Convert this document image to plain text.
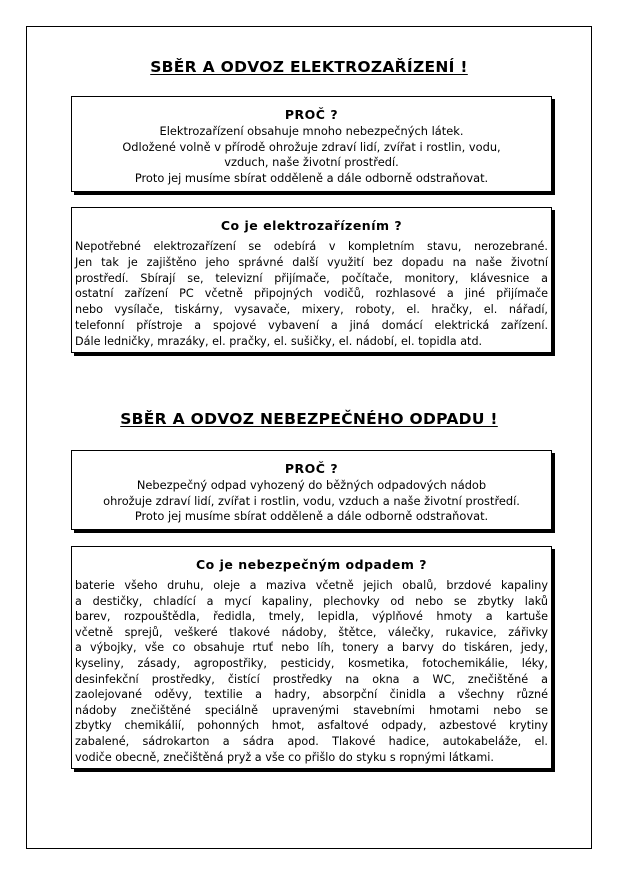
SBĚR A ODVOZ ELEKTROZAŘÍZENÍ !
PROČ ?

Elektrozařízení obsahuje mnoho nebezpečných látek.
Odložené volně v přírodě ohrožuje zdraví lidí, zvířat i rostlin, vodu,
vzduch, naše životní prostředí.
Proto jej musíme sbírat odděleně a dále odborně odstraňovat.

Co je elektrozařízením ?

Nepotřebné elektrozařízení se odebírá v kompletním stavu, nerozebrané.
Jen tak je zajištěno jeho správné další využití bez dopadu na naše životní
prostředí. Sbírají se, televizní přijímače, počítače, monitory, klávesnice a
ostatní zařízení PC včetně připojných vodičů, rozhlasové a jiné přijímače
nebo vysílače, tiskárny, vysavače, mixery, roboty, el. hračky, el. nářadí,
telefonní přístroje a spojové vybavení a jiná domácí elektrická zařízení.
Dále ledničky, mrazáky, el. pračky, el. sušičky, el. nádobí, el. topidla atd.

SBĚR A ODVOZ NEBEZPEČNÉHO ODPADU !
PROČ ?

Nebezpečný odpad vyhozený do běžných odpadových nádob
ohrožuje zdraví lidí, zvířat i rostlin, vodu, vzduch a naše životní prostředí.
Proto jej musíme sbírat odděleně a dále odborně odstraňovat.

Co je nebezpečným odpadem ?

baterie všeho druhu, oleje a maziva včetně jejich obalů, brzdové kapaliny
a destičky, chladící a mycí kapaliny, plechovky od nebo se zbytky laků
barev, rozpouštědla, ředidla, tmely, lepidla, výplňové hmoty a kartuše
včetně sprejů, veškeré tlakové nádoby, štětce, válečky, rukavice, zářivky
a výbojky, vše co obsahuje rtuť nebo líh, tonery a barvy do tiskáren, jedy,
kyseliny, zásady, agropostřiky, pesticidy, kosmetika, fotochemikálie, léky,
desinfekční prostředky, čistící prostředky na okna a WC, znečištěné a
zaolejované oděvy, textilie a hadry, absorpční činidla a všechny různé
nádoby znečištěné speciálně upravenými stavebními hmotami nebo se
zbytky chemikálií, pohonných hmot, asfaltové odpady, azbestové krytiny
zabalené, sádrokarton a sádra apod. Tlakové hadice, autokabeláže, el.
vodiče obecně, znečištěná pryž a vše co přišlo do styku s ropnými látkami.
